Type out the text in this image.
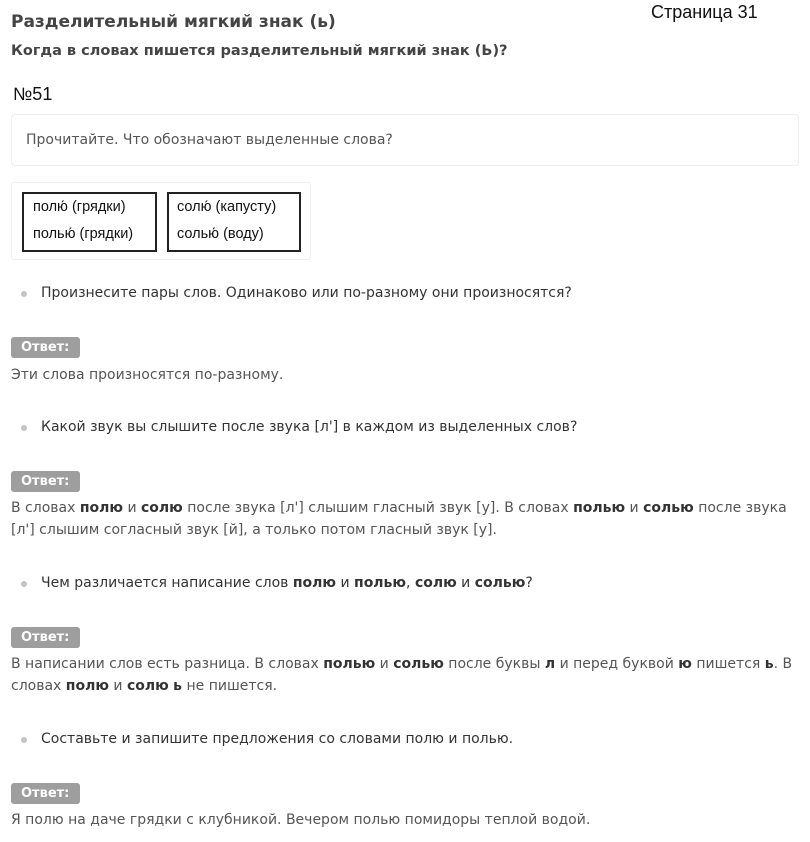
Разделительный мягкий знак (ь)	Страница 31
Когда в словах пишется разделительный мягкий знак (Ь)?
№51
Прочитайте. Что обозначают выделенные слова?
полю́ (грядки)
полью́ (грядки)
солю́ (капусту)
солью́ (воду)
Произнесите пары слов. Одинаково или по-разному они произносятся?
Ответ:
Эти слова произносятся по-разному.
Какой звук вы слышите после звука [л'] в каждом из выделенных слов?
Ответ:
В словах полю и солю после звука [л'] слышим гласный звук [у]. В словах полью и солью после звука [л'] слышим согласный звук [й], а только потом гласный звук [у].
Чем различается написание слов полю и полью, солю и солью?
Ответ:
В написании слов есть разница. В словах полью и солью после буквы л и перед буквой ю пишется ь. В словах полю и солю ь не пишется.
Составьте и запишите предложения со словами полю и полью.
Ответ:
Я полю на даче грядки с клубникой. Вечером полью помидоры теплой водой.
